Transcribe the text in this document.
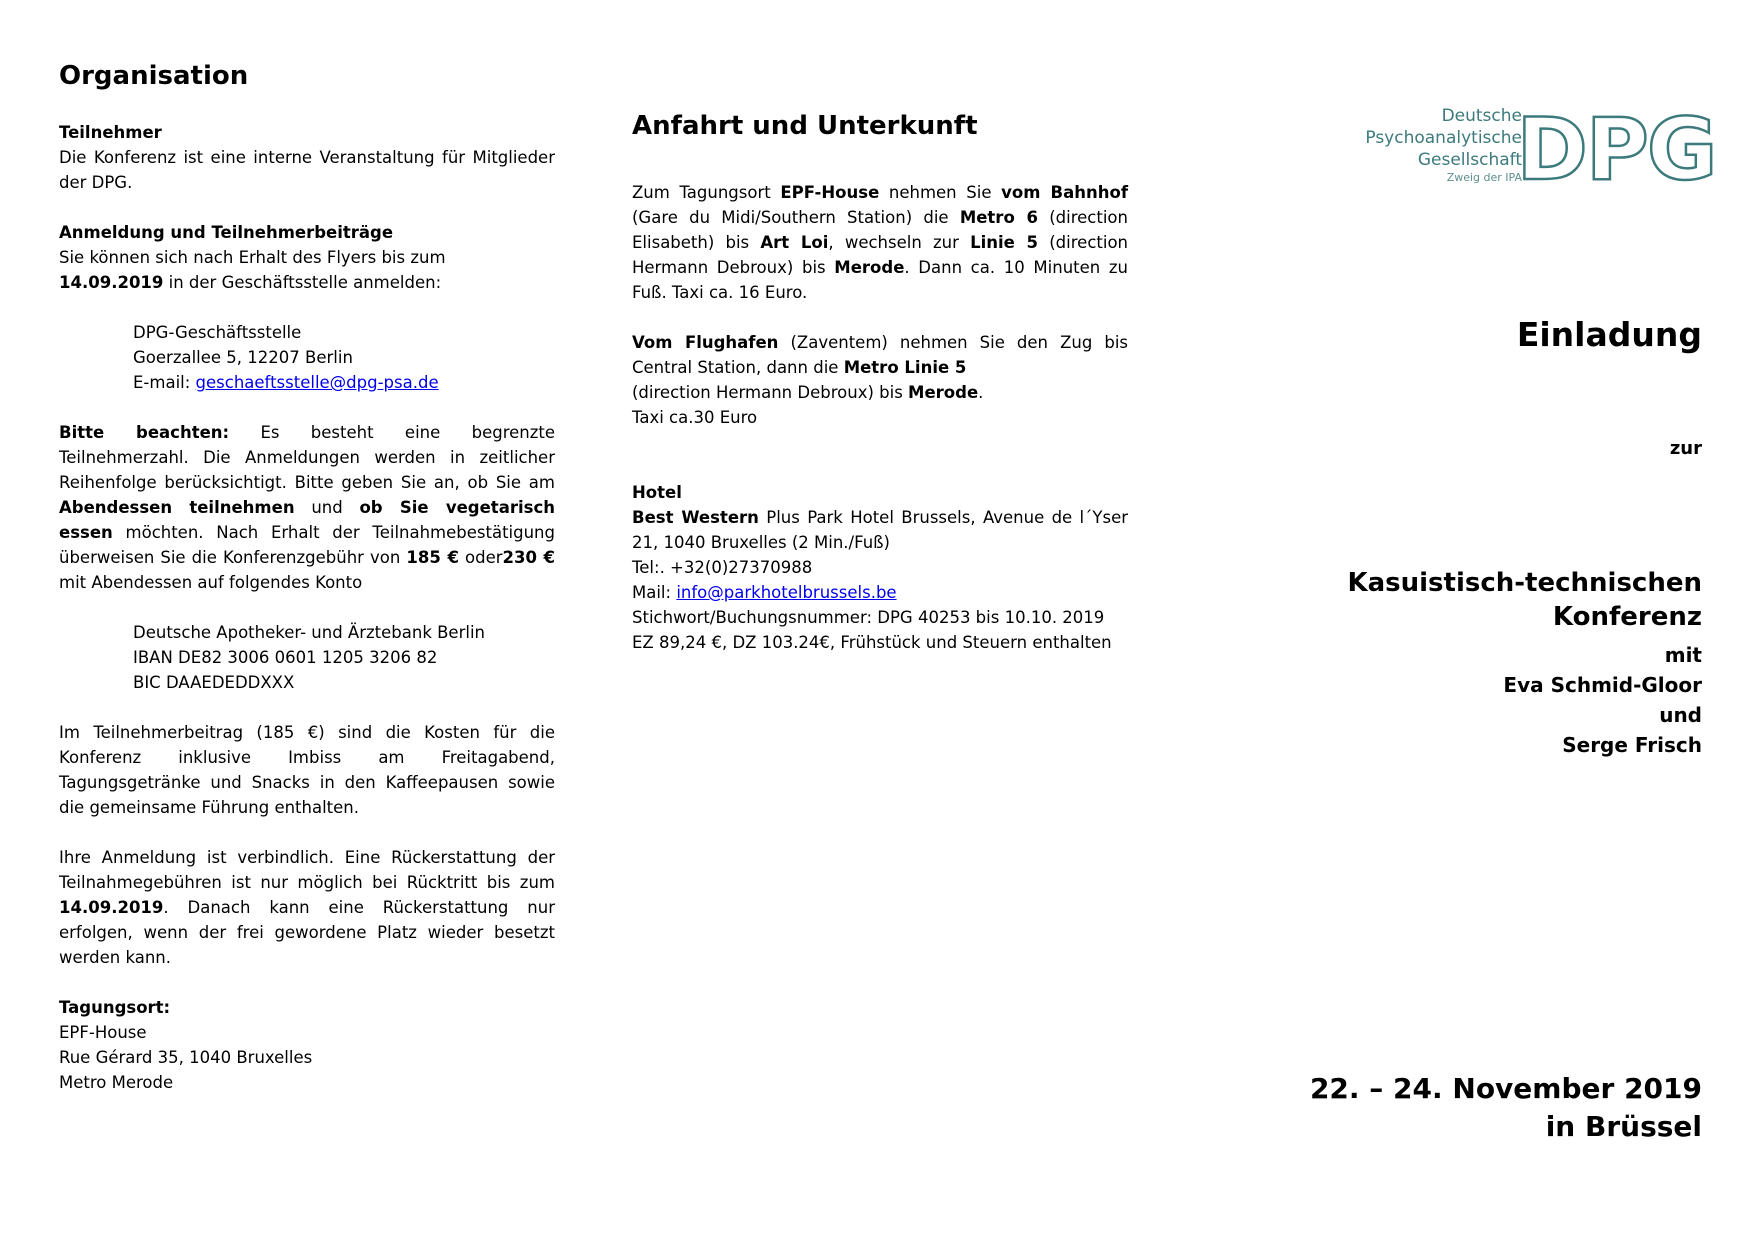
Organisation

Teilnehmer

Die Konferenz ist eine interne Veranstaltung für Mitglieder der DPG.

Anmeldung und Teilnehmerbeiträge

Sie können sich nach Erhalt des Flyers bis zum
14.09.2019 in der Geschäftsstelle anmelden:

DPG-Geschäftsstelle
Goerzallee 5, 12207 Berlin
E-mail: geschaeftsstelle@dpg-psa.de

Bitte beachten: Es besteht eine begrenzte Teilnehmerzahl. Die Anmeldungen werden in zeitlicher Reihenfolge berücksichtigt. Bitte geben Sie an, ob Sie am Abendessen teilnehmen und ob Sie vegetarisch essen möchten. Nach Erhalt der Teilnahmebestätigung überweisen Sie die Konferenzgebühr von 185 € oder230 € mit Abendessen auf folgendes Konto

Deutsche Apotheker- und Ärztebank Berlin
IBAN DE82 3006 0601 1205 3206 82
BIC DAAEDEDDXXX

Im Teilnehmerbeitrag (185 €) sind die Kosten für die Konferenz inklusive Imbiss am Freitagabend, Tagungsgetränke und Snacks in den Kaffeepausen sowie die gemeinsame Führung enthalten.

Ihre Anmeldung ist verbindlich. Eine Rückerstattung der Teilnahmegebühren ist nur möglich bei Rücktritt bis zum 14.09.2019. Danach kann eine Rückerstattung nur erfolgen, wenn der frei gewordene Platz wieder besetzt werden kann.

Tagungsort:

EPF-House
Rue Gérard 35, 1040 Bruxelles
Metro Merode

Anfahrt und Unterkunft

Zum Tagungsort EPF-House nehmen Sie vom Bahnhof (Gare du Midi/Southern Station) die Metro 6 (direction Elisabeth) bis Art Loi, wechseln zur Linie 5 (direction Hermann Debroux) bis Merode. Dann ca. 10 Minuten zu Fuß. Taxi ca. 16 Euro.

Vom Flughafen (Zaventem) nehmen Sie den Zug bis Central Station, dann die Metro Linie 5
(direction Hermann Debroux) bis Merode.
Taxi ca.30 Euro

Hotel

Best Western Plus Park Hotel Brussels, Avenue de l´Yser 21, 1040 Bruxelles (2 Min./Fuß)

Tel:. +32(0)27370988
Mail: info@parkhotelbrussels.be
Stichwort/Buchungsnummer: DPG 40253 bis 10.10. 2019
EZ 89,24 €, DZ 103.24€, Frühstück und Steuern enthalten

Deutsche
Psychoanalytische
Gesellschaft
Zweig der IPA
DPG

Einladung

zur

Kasuistisch-technischen

Konferenz

mit

Eva Schmid-Gloor

und

Serge Frisch

22. – 24. November 2019

in Brüssel
